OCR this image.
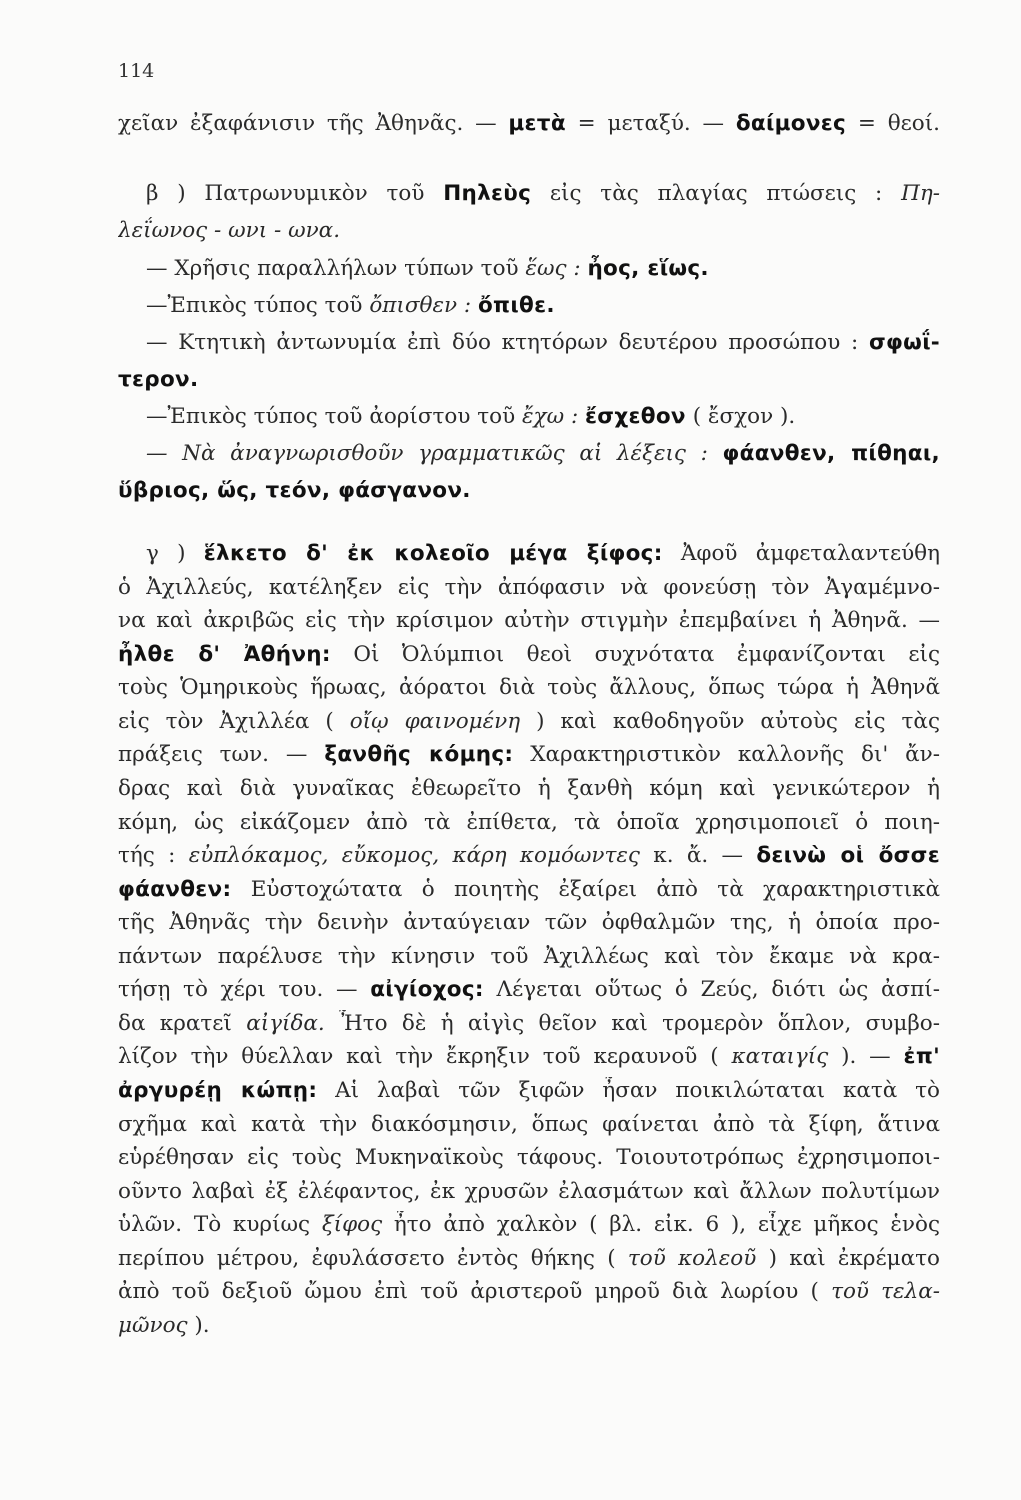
114
χεῖαν ἐξαφάνισιν τῆς Ἀθηνᾶς. — μετὰ = μεταξύ. — δαίμονες = θεοί.
β ) Πατρωνυμικὸν τοῦ Πηλεὺς εἰς τὰς πλαγίας πτώσεις : Πη-
λεΐωνος - ωνι - ωνα.
— Χρῆσις παραλλήλων τύπων τοῦ ἕως : ἦος, εἵως.
—Ἐπικὸς τύπος τοῦ ὄπισθεν : ὄπιθε.
— Κτητικὴ ἀντωνυμία ἐπὶ δύο κτητόρων δευτέρου προσώπου : σφωΐ-
τερον.
—Ἐπικὸς τύπος τοῦ ἀορίστου τοῦ ἔχω : ἔσχεθον ( ἔσχον ).
— Νὰ ἀναγνωρισθοῦν γραμματικῶς αἱ λέξεις : φάανθεν, πίθηαι,
ὕβριος, ὥς, τεόν, φάσγανον.
γ ) ἕλκετο δ' ἐκ κολεοῖο μέγα ξίφος: Ἀφοῦ ἀμφεταλαντεύθη
ὁ Ἀχιλλεύς, κατέληξεν εἰς τὴν ἀπόφασιν νὰ φονεύσῃ τὸν Ἀγαμέμνο-
να καὶ ἀκριβῶς εἰς τὴν κρίσιμον αὐτὴν στιγμὴν ἐπεμβαίνει ἡ Ἀθηνᾶ. —
ἦλθε δ' Ἀθήνη: Οἱ Ὀλύμπιοι θεοὶ συχνότατα ἐμφανίζονται εἰς
τοὺς Ὁμηρικοὺς ἥρωας, ἀόρατοι διὰ τοὺς ἄλλους, ὅπως τώρα ἡ Ἀθηνᾶ
εἰς τὸν Ἀχιλλέα ( οἴῳ φαινομένη ) καὶ καθοδηγοῦν αὐτοὺς εἰς τὰς
πράξεις των. — ξανθῆς κόμης: Χαρακτηριστικὸν καλλονῆς δι' ἄν-
δρας καὶ διὰ γυναῖκας ἐθεωρεῖτο ἡ ξανθὴ κόμη καὶ γενικώτερον ἡ
κόμη, ὡς εἰκάζομεν ἀπὸ τὰ ἐπίθετα, τὰ ὁποῖα χρησιμοποιεῖ ὁ ποιη-
τής : εὐπλόκαμος, εὔκομος, κάρη κομόωντες κ. ἄ. — δεινὼ οἱ ὄσσε
φάανθεν: Εὐστοχώτατα ὁ ποιητὴς ἐξαίρει ἀπὸ τὰ χαρακτηριστικὰ
τῆς Ἀθηνᾶς τὴν δεινὴν ἀνταύγειαν τῶν ὀφθαλμῶν της, ἡ ὁποία προ-
πάντων παρέλυσε τὴν κίνησιν τοῦ Ἀχιλλέως καὶ τὸν ἔκαμε νὰ κρα-
τήσῃ τὸ χέρι του. — αἰγίοχος: Λέγεται οὕτως ὁ Ζεύς, διότι ὡς ἀσπί-
δα κρατεῖ αἰγίδα. Ἦτο δὲ ἡ αἰγὶς θεῖον καὶ τρομερὸν ὅπλον, συμβο-
λίζον τὴν θύελλαν καὶ τὴν ἔκρηξιν τοῦ κεραυνοῦ ( καταιγίς ). — ἐπ'
ἀργυρέῃ κώπῃ: Αἱ λαβαὶ τῶν ξιφῶν ἦσαν ποικιλώταται κατὰ τὸ
σχῆμα καὶ κατὰ τὴν διακόσμησιν, ὅπως φαίνεται ἀπὸ τὰ ξίφη, ἅτινα
εὑρέθησαν εἰς τοὺς Μυκηναϊκοὺς τάφους. Τοιουτοτρόπως ἐχρησιμοποι-
οῦντο λαβαὶ ἐξ ἐλέφαντος, ἐκ χρυσῶν ἐλασμάτων καὶ ἄλλων πολυτίμων
ὑλῶν. Τὸ κυρίως ξίφος ἦτο ἀπὸ χαλκὸν ( βλ. εἰκ. 6 ), εἶχε μῆκος ἑνὸς
περίπου μέτρου, ἐφυλάσσετο ἐντὸς θήκης ( τοῦ κολεοῦ ) καὶ ἐκρέματο
ἀπὸ τοῦ δεξιοῦ ὤμου ἐπὶ τοῦ ἀριστεροῦ μηροῦ διὰ λωρίου ( τοῦ τελα-
μῶνος ).
